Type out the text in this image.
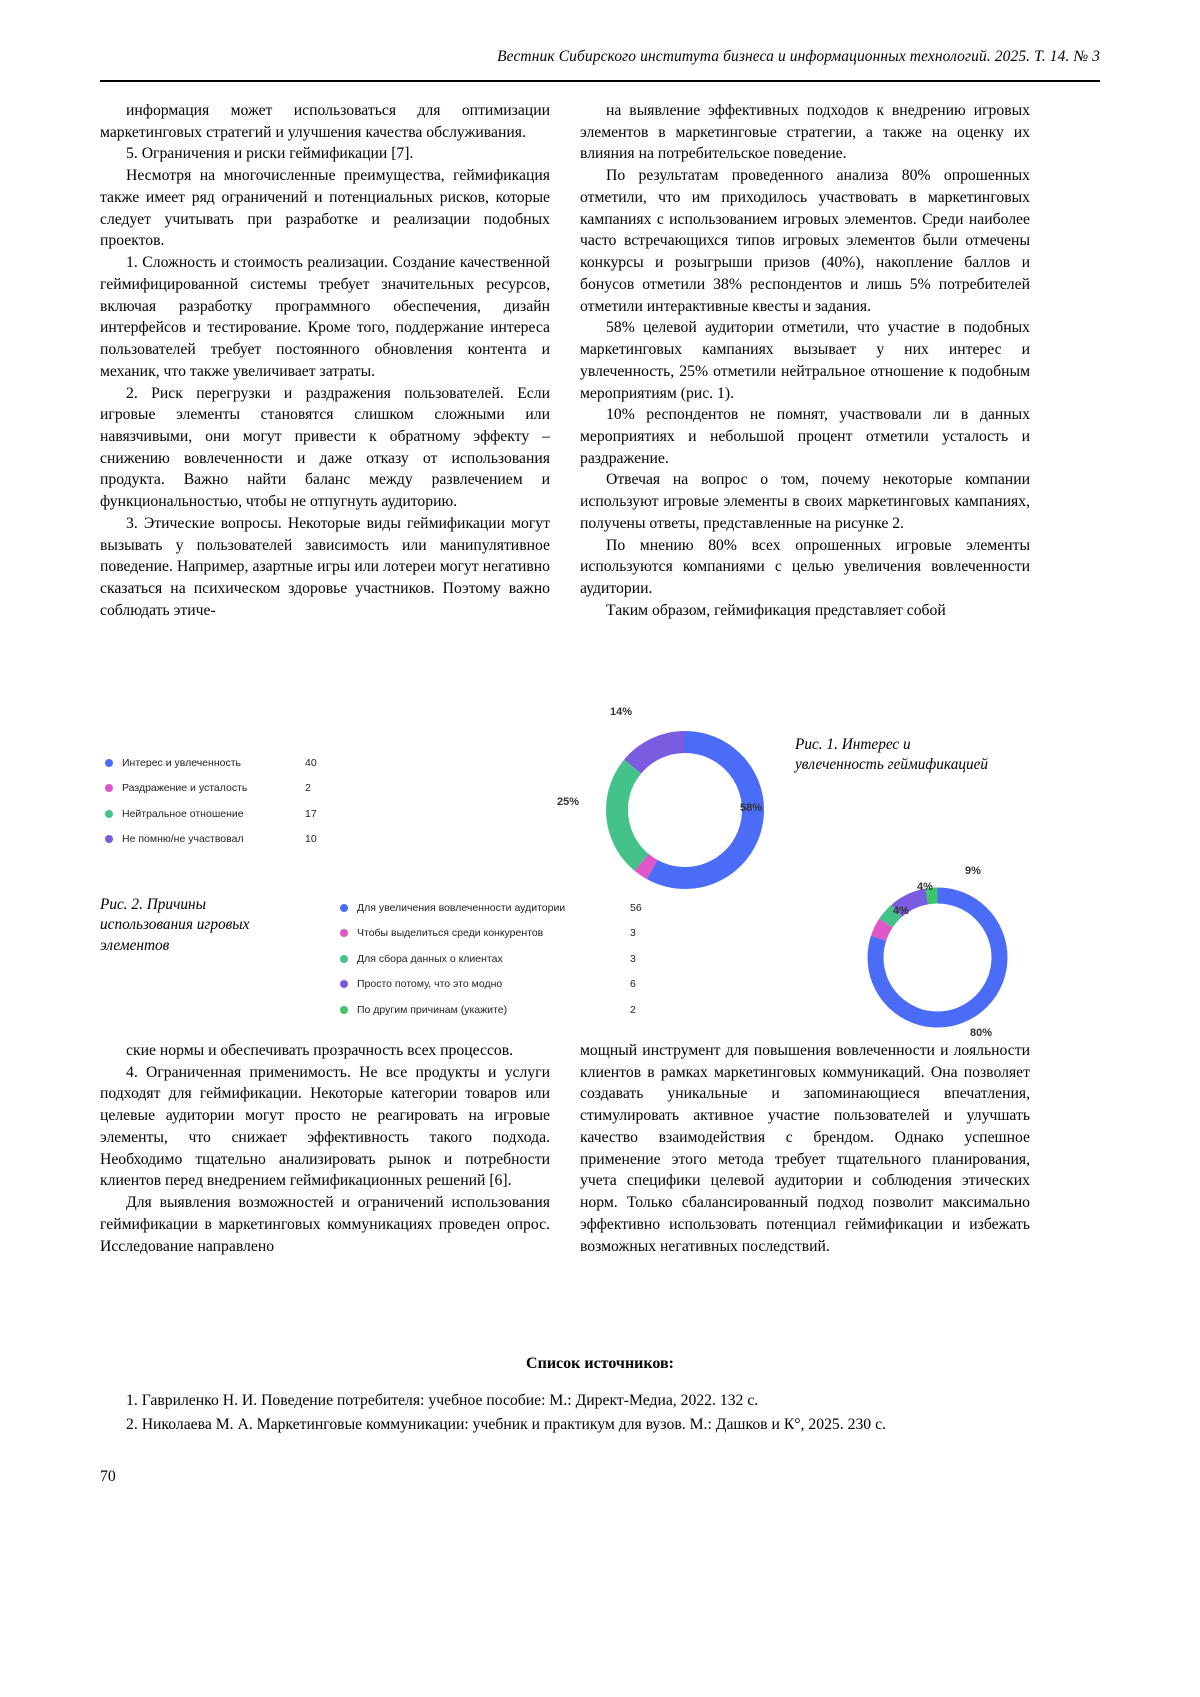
Вестник Сибирского института бизнеса и информационных технологий. 2025. Т. 14. № 3

информация может использоваться для оптимизации маркетинговых стратегий и улучшения качества обслуживания.

5. Ограничения и риски геймификации [7].

Несмотря на многочисленные преимущества, геймификация также имеет ряд ограничений и потенциальных рисков, которые следует учитывать при разработке и реализации подобных проектов.

1. Сложность и стоимость реализации. Создание качественной геймифицированной системы требует значительных ресурсов, включая разработку программного обеспечения, дизайн интерфейсов и тестирование. Кроме того, поддержание интереса пользователей требует постоянного обновления контента и механик, что также увеличивает затраты.

2. Риск перегрузки и раздражения пользователей. Если игровые элементы становятся слишком сложными или навязчивыми, они могут привести к обратному эффекту – снижению вовлеченности и даже отказу от использования продукта. Важно найти баланс между развлечением и функциональностью, чтобы не отпугнуть аудиторию.

3. Этические вопросы. Некоторые виды геймификации могут вызывать у пользователей зависимость или манипулятивное поведение. Например, азартные игры или лотереи могут негативно сказаться на психическом здоровье участников. Поэтому важно соблюдать этиче-

на выявление эффективных подходов к внедрению игровых элементов в маркетинговые стратегии, а также на оценку их влияния на потребительское поведение.

По результатам проведенного анализа 80% опрошенных отметили, что им приходилось участвовать в маркетинговых кампаниях с использованием игровых элементов. Среди наиболее часто встречающихся типов игровых элементов были отмечены конкурсы и розыгрыши призов (40%), накопление баллов и бонусов отметили 38% респондентов и лишь 5% потребителей отметили интерактивные квесты и задания.

58% целевой аудитории отметили, что участие в подобных маркетинговых кампаниях вызывает у них интерес и увлеченность, 25% отметили нейтральное отношение к подобным мероприятиям (рис. 1).

10% респондентов не помнят, участвовали ли в данных мероприятиях и небольшой процент отметили усталость и раздражение.

Отвечая на вопрос о том, почему некоторые компании используют игровые элементы в своих маркетинговых кампаниях, получены ответы, представленные на рисунке 2.

По мнению 80% всех опрошенных игровые элементы используются компаниями с целью увеличения вовлеченности аудитории.

Таким образом, геймификация представляет собой

Интерес и увлеченность	40
Раздражение и усталость	2
Нейтральное отношение	17
Не помню/не участвовал	10
58%
25%
14%
Рис. 1. Интерес и увлеченность геймификацией
Рис. 2. Причины использования игровых элементов
Для увеличения вовлеченности аудитории	56
Чтобы выделиться среди конкурентов	3
Для сбора данных о клиентах	3
Просто потому, что это модно	6
По другим причинам (укажите)	2
9%
4%
4%
80%

ские нормы и обеспечивать прозрачность всех процессов.

4. Ограниченная применимость. Не все продукты и услуги подходят для геймификации. Некоторые категории товаров или целевые аудитории могут просто не реагировать на игровые элементы, что снижает эффективность такого подхода. Необходимо тщательно анализировать рынок и потребности клиентов перед внедрением геймификационных решений [6].

Для выявления возможностей и ограничений использования геймификации в маркетинговых коммуникациях проведен опрос. Исследование направлено

мощный инструмент для повышения вовлеченности и лояльности клиентов в рамках маркетинговых коммуникаций. Она позволяет создавать уникальные и запоминающиеся впечатления, стимулировать активное участие пользователей и улучшать качество взаимодействия с брендом. Однако успешное применение этого метода требует тщательного планирования, учета специфики целевой аудитории и соблюдения этических норм. Только сбалансированный подход позволит максимально эффективно использовать потенциал геймификации и избежать возможных негативных последствий.

Список источников:

1. Гавриленко Н. И. Поведение потребителя: учебное пособие: М.: Директ-Медиа, 2022. 132 с.

2. Николаева М. А. Маркетинговые коммуникации: учебник и практикум для вузов. М.: Дашков и К°, 2025. 230 с.

70
